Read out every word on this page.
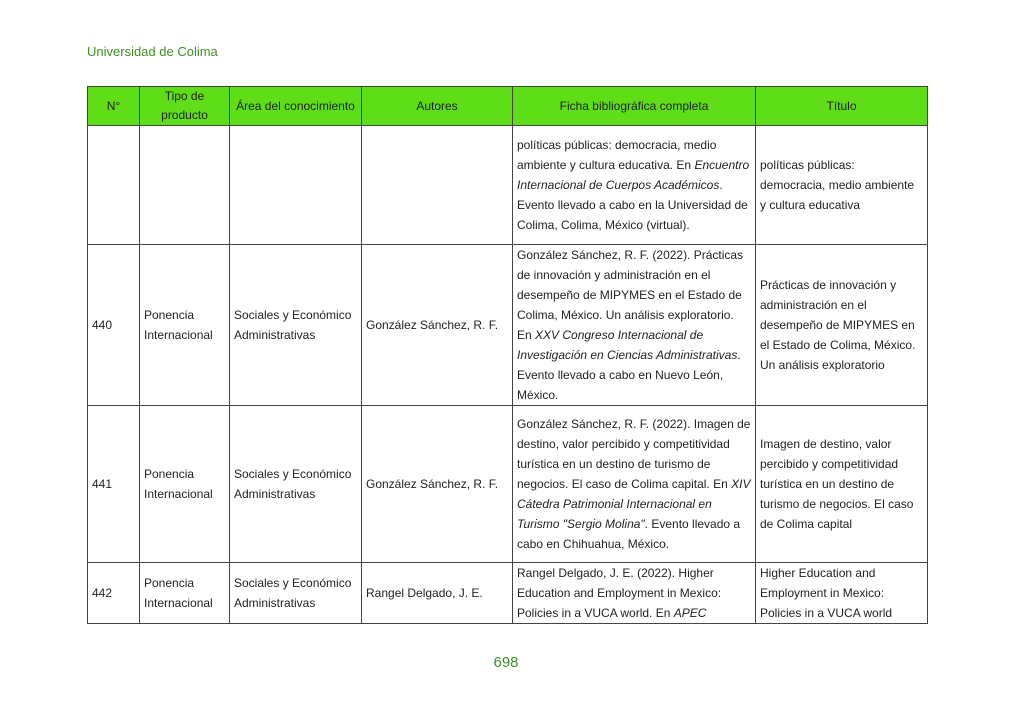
Universidad de Colima
N°	Tipo de producto	Área del conocimiento	Autores	Ficha bibliográfica completa	Título
				políticas públicas: democracia, medio ambiente y cultura educativa. En Encuentro Internacional de Cuerpos Académicos. Evento llevado a cabo en la Universidad de Colima, Colima, México (virtual).	políticas públicas: democracia, medio ambiente y cultura educativa
440	Ponencia Internacional	Sociales y Económico Administrativas	González Sánchez, R. F.	González Sánchez, R. F. (2022). Prácticas de innovación y administración en el desempeño de MIPYMES en el Estado de Colima, México. Un análisis exploratorio. En XXV Congreso Internacional de Investigación en Ciencias Administrativas. Evento llevado a cabo en Nuevo León, México.	Prácticas de innovación y administración en el desempeño de MIPYMES en el Estado de Colima, México. Un análisis exploratorio
441	Ponencia Internacional	Sociales y Económico Administrativas	González Sánchez, R. F.	González Sánchez, R. F. (2022). Imagen de destino, valor percibido y competitividad turística en un destino de turismo de negocios. El caso de Colima capital. En XIV Cátedra Patrimonial Internacional en Turismo "Sergio Molina". Evento llevado a cabo en Chihuahua, México.	Imagen de destino, valor percibido y competitividad turística en un destino de turismo de negocios. El caso de Colima capital
442	Ponencia Internacional	Sociales y Económico Administrativas	Rangel Delgado, J. E.	Rangel Delgado, J. E. (2022). Higher Education and Employment in Mexico: Policies in a VUCA world. En APEC	Higher Education and Employment in Mexico: Policies in a VUCA world
698
